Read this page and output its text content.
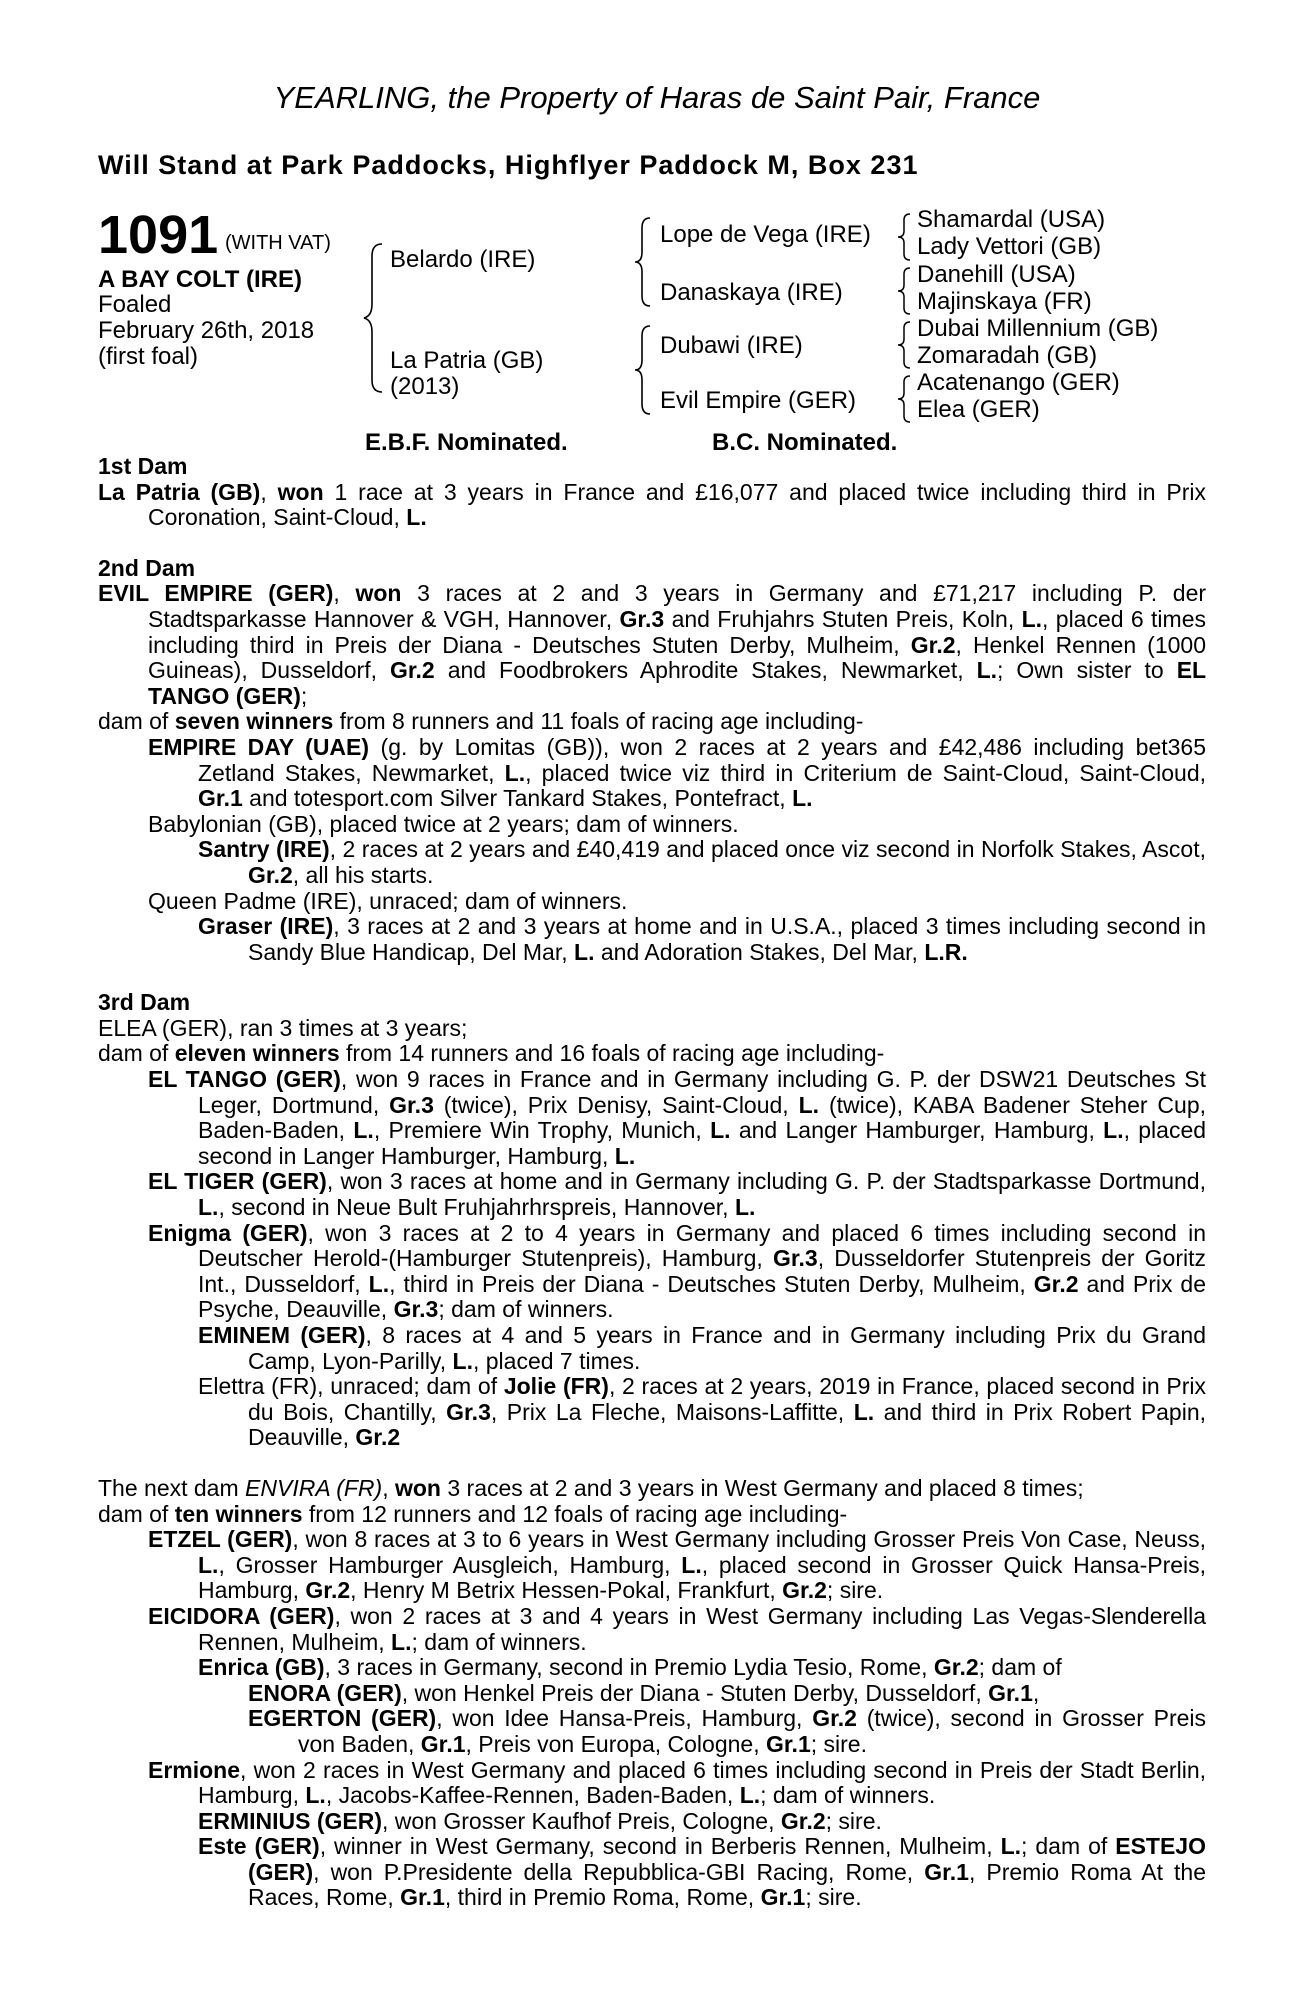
YEARLING, the Property of Haras de Saint Pair, France
Will Stand at Park Paddocks, Highflyer Paddock M, Box 231
1091 (WITH VAT)
A BAY COLT (IRE)
Foaled
February 26th, 2018
(first foal)
Belardo (IRE)
La Patria (GB)
(2013)
Lope de Vega (IRE)
Danaskaya (IRE)
Dubawi (IRE)
Evil Empire (GER)
Shamardal (USA)
Lady Vettori (GB)
Danehill (USA)
Majinskaya (FR)
Dubai Millennium (GB)
Zomaradah (GB)
Acatenango (GER)
Elea (GER)
E.B.F. Nominated.	B.C. Nominated.

1st Dam

La Patria (GB), won 1 race at 3 years in France and £16,077 and placed twice including third in Prix Coronation, Saint-Cloud, L.

2nd Dam

EVIL EMPIRE (GER), won 3 races at 2 and 3 years in Germany and £71,217 including P. der Stadtsparkasse Hannover & VGH, Hannover, Gr.3 and Fruhjahrs Stuten Preis, Koln, L., placed 6 times including third in Preis der Diana - Deutsches Stuten Derby, Mulheim, Gr.2, Henkel Rennen (1000 Guineas), Dusseldorf, Gr.2 and Foodbrokers Aphrodite Stakes, Newmarket, L.; Own sister to EL TANGO (GER);

dam of seven winners from 8 runners and 11 foals of racing age including-

EMPIRE DAY (UAE) (g. by Lomitas (GB)), won 2 races at 2 years and £42,486 including bet365 Zetland Stakes, Newmarket, L., placed twice viz third in Criterium de Saint-Cloud, Saint-Cloud, Gr.1 and totesport.com Silver Tankard Stakes, Pontefract, L.

Babylonian (GB), placed twice at 2 years; dam of winners.

Santry (IRE), 2 races at 2 years and £40,419 and placed once viz second in Norfolk Stakes, Ascot, Gr.2, all his starts.

Queen Padme (IRE), unraced; dam of winners.

Graser (IRE), 3 races at 2 and 3 years at home and in U.S.A., placed 3 times including second in Sandy Blue Handicap, Del Mar, L. and Adoration Stakes, Del Mar, L.R.

3rd Dam

ELEA (GER), ran 3 times at 3 years;

dam of eleven winners from 14 runners and 16 foals of racing age including-

EL TANGO (GER), won 9 races in France and in Germany including G. P. der DSW21 Deutsches St Leger, Dortmund, Gr.3 (twice), Prix Denisy, Saint-Cloud, L. (twice), KABA Badener Steher Cup, Baden-Baden, L., Premiere Win Trophy, Munich, L. and Langer Hamburger, Hamburg, L., placed second in Langer Hamburger, Hamburg, L.

EL TIGER (GER), won 3 races at home and in Germany including G. P. der Stadtsparkasse Dortmund, L., second in Neue Bult Fruhjahrhrspreis, Hannover, L.

Enigma (GER), won 3 races at 2 to 4 years in Germany and placed 6 times including second in Deutscher Herold-(Hamburger Stutenpreis), Hamburg, Gr.3, Dusseldorfer Stutenpreis der Goritz Int., Dusseldorf, L., third in Preis der Diana - Deutsches Stuten Derby, Mulheim, Gr.2 and Prix de Psyche, Deauville, Gr.3; dam of winners.

EMINEM (GER), 8 races at 4 and 5 years in France and in Germany including Prix du Grand Camp, Lyon-Parilly, L., placed 7 times.

Elettra (FR), unraced; dam of Jolie (FR), 2 races at 2 years, 2019 in France, placed second in Prix du Bois, Chantilly, Gr.3, Prix La Fleche, Maisons-Laffitte, L. and third in Prix Robert Papin, Deauville, Gr.2

The next dam ENVIRA (FR), won 3 races at 2 and 3 years in West Germany and placed 8 times;

dam of ten winners from 12 runners and 12 foals of racing age including-

ETZEL (GER), won 8 races at 3 to 6 years in West Germany including Grosser Preis Von Case, Neuss, L., Grosser Hamburger Ausgleich, Hamburg, L., placed second in Grosser Quick Hansa-Preis, Hamburg, Gr.2, Henry M Betrix Hessen-Pokal, Frankfurt, Gr.2; sire.

EICIDORA (GER), won 2 races at 3 and 4 years in West Germany including Las Vegas-Slenderella Rennen, Mulheim, L.; dam of winners.

Enrica (GB), 3 races in Germany, second in Premio Lydia Tesio, Rome, Gr.2; dam of

ENORA (GER), won Henkel Preis der Diana - Stuten Derby, Dusseldorf, Gr.1,

EGERTON (GER), won Idee Hansa-Preis, Hamburg, Gr.2 (twice), second in Grosser Preis von Baden, Gr.1, Preis von Europa, Cologne, Gr.1; sire.

Ermione, won 2 races in West Germany and placed 6 times including second in Preis der Stadt Berlin, Hamburg, L., Jacobs-Kaffee-Rennen, Baden-Baden, L.; dam of winners.

ERMINIUS (GER), won Grosser Kaufhof Preis, Cologne, Gr.2; sire.

Este (GER), winner in West Germany, second in Berberis Rennen, Mulheim, L.; dam of ESTEJO (GER), won P.Presidente della Repubblica-GBI Racing, Rome, Gr.1, Premio Roma At the Races, Rome, Gr.1, third in Premio Roma, Rome, Gr.1; sire.
